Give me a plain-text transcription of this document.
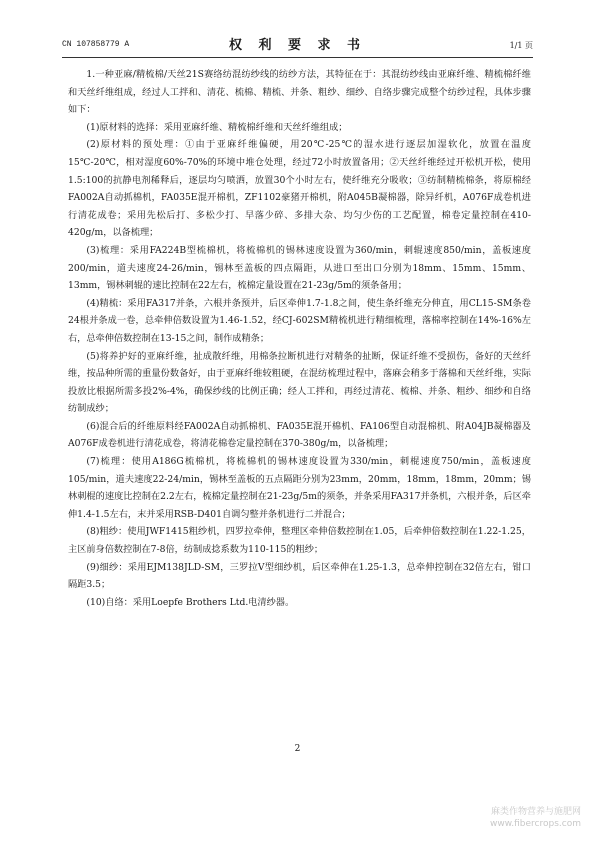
CN 107858779 A	权 利 要 求 书	1/1 页

1.一种亚麻/精梳棉/天丝21S赛络纺混纺纱线的纺纱方法，其特征在于：其混纺纱线由亚麻纤维、精梳棉纤维和天丝纤维组成，经过人工拌和、清花、梳棉、精梳、并条、粗纱、细纱、自络步骤完成整个纺纱过程，具体步骤如下：

(1)原材料的选择：采用亚麻纤维、精梳棉纤维和天丝纤维组成；

(2)原材料的预处理：①由于亚麻纤维偏硬，用20℃-25℃的湿水进行逐层加湿软化，放置在温度15℃-20℃，相对湿度60%-70%的环境中堆仓处理，经过72小时放置备用；②天丝纤维经过开松机开松，使用1.5:100的抗静电剂稀释后，逐层均匀喷洒，放置30个小时左右，使纤维充分吸收；③纺制精梳棉条，将原棉经FA002A自动抓棉机，FA035E混开棉机，ZF1102豪猪开棉机，附A045B凝棉器，除异纤机，A076F成卷机进行清花成卷；采用先松后打、多松少打、早落少碎、多排大杂、均匀少伤的工艺配置，棉卷定量控制在410-420g/m，以备梳理；

(3)梳理：采用FA224B型梳棉机，将梳棉机的锡林速度设置为360/min，刺辊速度850/min，盖板速度200/min，道夫速度24-26/min，锡林至盖板的四点隔距，从进口至出口分别为18mm、15mm、15mm、13mm，锡林刺辊的速比控制在22左右，梳棉定量设置在21-23g/5m的须条备用；

(4)精梳：采用FA317并条，六根并条预并，后区牵伸1.7-1.8之间，使生条纤维充分伸直，用CL15-SM条卷24根并条成一卷，总牵伸倍数设置为1.46-1.52，经CJ-602SM精梳机进行精细梳理，落棉率控制在14%-16%左右，总牵伸倍数控制在13-15之间，制作成精条；

(5)将养护好的亚麻纤维，扯成散纤维，用棉条拉断机进行对精条的扯断，保证纤维不受损伤，备好的天丝纤维，按品种所需的重量份数备好，由于亚麻纤维较粗硬，在混纺梳理过程中，落麻会稍多于落棉和天丝纤维，实际投放比根据所需多投2%-4%，确保纱线的比例正确；经人工拌和，再经过清花、梳棉、并条、粗纱、细纱和自络纺制成纱；

(6)混合后的纤维原料经FA002A自动抓棉机、FA035E混开棉机、FA106型自动混棉机、附A04JB凝棉器及A076F成卷机进行清花成卷，将清花棉卷定量控制在370-380g/m，以备梳理；

(7)梳理：使用A186G梳棉机，将梳棉机的锡林速度设置为330/min，刺棍速度750/min，盖板速度105/min，道夫速度22-24/min，锡林至盖板的五点隔距分别为23mm，20mm，18mm，18mm，20mm；锡林刺棍的速度比控制在2.2左右，梳棉定量控制在21-23g/5m的须条，并条采用FA317并条机，六根并条，后区牵伸1.4-1.5左右，末并采用RSB-D401自调匀整并条机进行二并混合；

(8)粗纱：使用JWF1415粗纱机，四罗拉牵伸，整理区牵伸倍数控制在1.05，后牵伸倍数控制在1.22-1.25，主区前身倍数控制在7-8倍，纺制成捻系数为110-115的粗纱；

(9)细纱：采用EJM138JLD-SM，三罗拉V型细纱机，后区牵伸在1.25-1.3，总牵伸控制在32倍左右，钳口隔距3.5；

(10)自络：采用Loepfe Brothers Ltd.电清纱器。

2
麻类作物营养与施肥网
www.fibercrops.com
